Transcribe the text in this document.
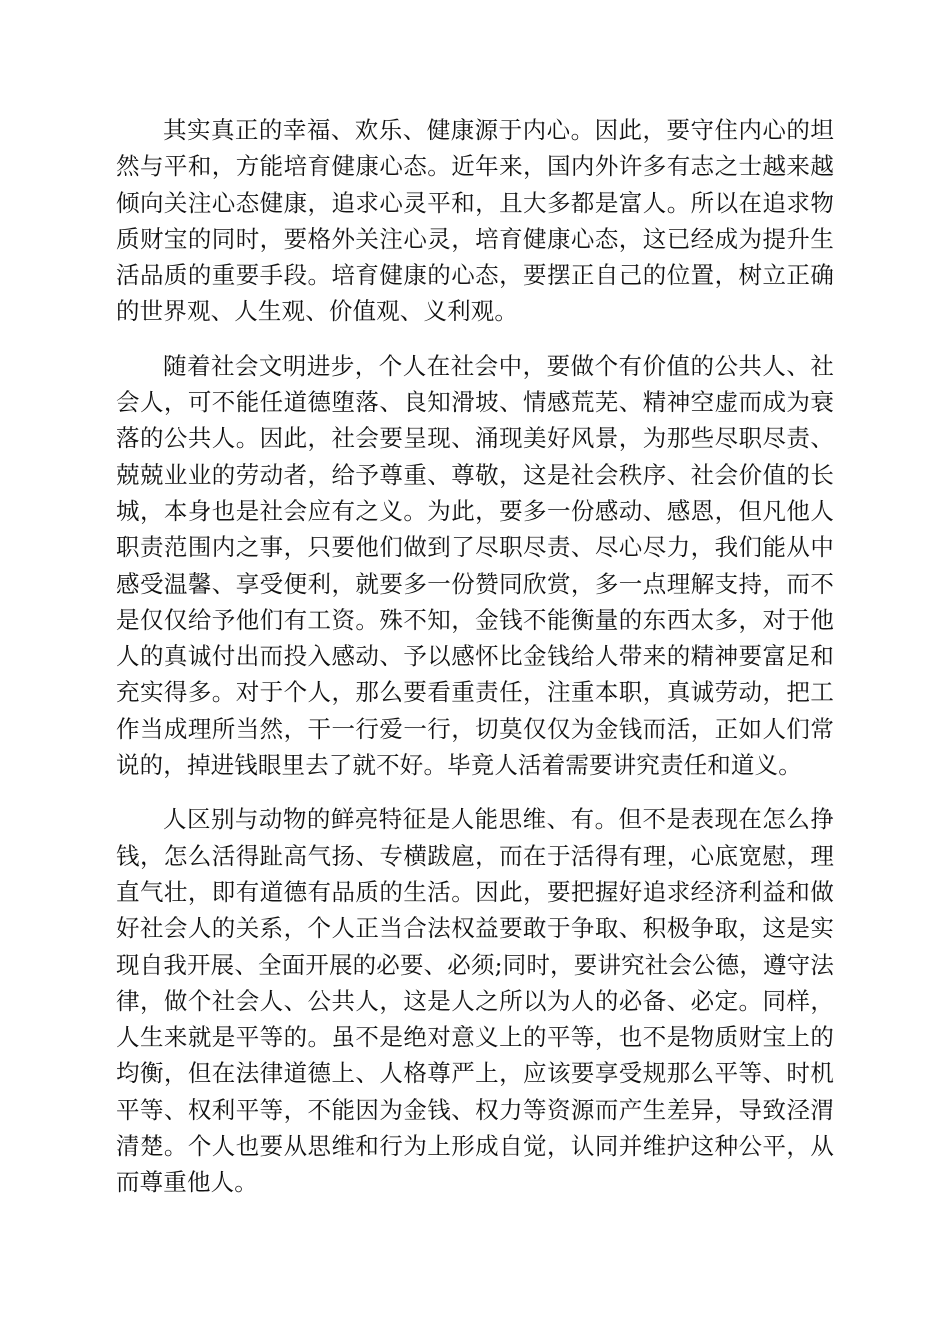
其实真正的幸福、欢乐、健康源于内心。因此，要守住内心的坦然与平和，方能培育健康心态。近年来，国内外许多有志之士越来越倾向关注心态健康，追求心灵平和，且大多都是富人。所以在追求物质财宝的同时，要格外关注心灵，培育健康心态，这已经成为提升生活品质的重要手段。培育健康的心态，要摆正自己的位置，树立正确的世界观、人生观、价值观、义利观。

随着社会文明进步，个人在社会中，要做个有价值的公共人、社会人，可不能任道德堕落、良知滑坡、情感荒芜、精神空虚而成为衰落的公共人。因此，社会要呈现、涌现美好风景，为那些尽职尽责、兢兢业业的劳动者，给予尊重、尊敬，这是社会秩序、社会价值的长城，本身也是社会应有之义。为此，要多一份感动、感恩，但凡他人职责范围内之事，只要他们做到了尽职尽责、尽心尽力，我们能从中感受温馨、享受便利，就要多一份赞同欣赏，多一点理解支持，而不是仅仅给予他们有工资。殊不知，金钱不能衡量的东西太多，对于他人的真诚付出而投入感动、予以感怀比金钱给人带来的精神要富足和充实得多。对于个人，那么要看重责任，注重本职，真诚劳动，把工作当成理所当然，干一行爱一行，切莫仅仅为金钱而活，正如人们常说的，掉进钱眼里去了就不好。毕竟人活着需要讲究责任和道义。

人区别与动物的鲜亮特征是人能思维、有。但不是表现在怎么挣钱，怎么活得趾高气扬、专横跋扈，而在于活得有理，心底宽慰，理直气壮，即有道德有品质的生活。因此，要把握好追求经济利益和做好社会人的关系，个人正当合法权益要敢于争取、积极争取，这是实现自我开展、全面开展的必要、必须;同时，要讲究社会公德，遵守法律，做个社会人、公共人，这是人之所以为人的必备、必定。同样，人生来就是平等的。虽不是绝对意义上的平等，也不是物质财宝上的均衡，但在法律道德上、人格尊严上，应该要享受规那么平等、时机平等、权利平等，不能因为金钱、权力等资源而产生差异，导致泾渭清楚。个人也要从思维和行为上形成自觉，认同并维护这种公平，从而尊重他人。
